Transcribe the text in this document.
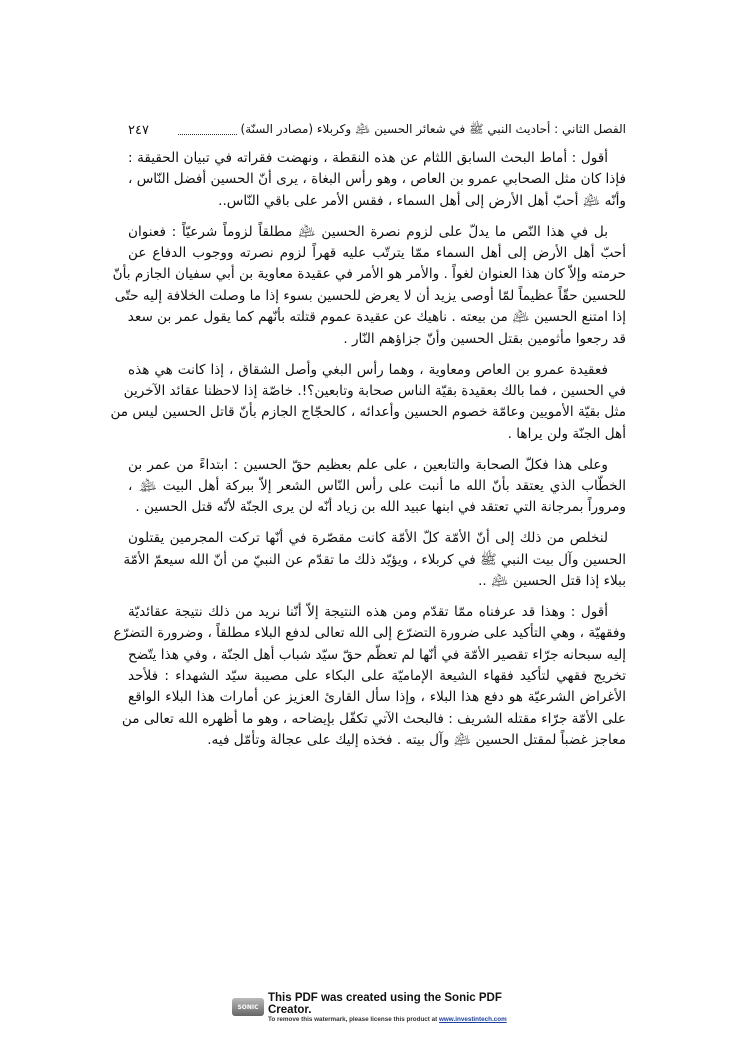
الفصل الثاني : أحاديث النبي ﷺ في شعائر الحسين ﵇ وكربلاء (مصادر السنّة)
٢٤٧
أقول : أماط البحث السابق اللثام عن هذه النقطة ، ونهضت فقراته في تبيان الحقيقة :
فإذا كان مثل الصحابي عمرو بن العاص ، وهو رأس البغاة ، يرى أنّ الحسين أفضل النّاس ،
وأنّه ﵇ أحبّ أهل الأرض إلى أهل السماء ، فقس الأمر على باقي النّاس..
بل في هذا النّص ما يدلّ على لزوم نصرة الحسين ﵇ مطلقاً لزوماً شرعيّاً : فعنوان
أحبّ أهل الأرض إلى أهل السماء ممّا يترتّب عليه قهراً لزوم نصرته ووجوب الدفاع عن
حرمته وإلاّ كان هذا العنوان لغواً . والأمر هو الأمر في عقيدة معاوية بن أبي سفيان الجازم بأنّ
للحسين حقّاً عظيماً لمّا أوصى يزيد أن لا يعرض للحسين بسوء إذا ما وصلت الخلافة إليه حتّى
إذا امتنع الحسين ﵇ من بيعته . ناهيك عن عقيدة عموم قتلته بأنّهم كما يقول عمر بن سعد
قد رجعوا مأثومين بقتل الحسين وأنّ جزاؤهم النّار .
فعقيدة عمرو بن العاص ومعاوية ، وهما رأس البغي وأصل الشقاق ، إذا كانت هي هذه
في الحسين ، فما بالك بعقيدة بقيّة الناس صحابة وتابعين؟!. خاصّة إذا لاحظنا عقائد الآخرين
مثل بقيّة الأمويين وعامّة خصوم الحسين وأعدائه ، كالحجّاج الجازم بأنّ قاتل الحسين ليس من
أهل الجنّة ولن يراها .
وعلى هذا فكلّ الصحابة والتابعين ، على علم بعظيم حقّ الحسين : ابتداءً من عمر بن
الخطّاب الذي يعتقد بأنّ الله ما أنبت على رأس النّاس الشعر إلاّ ببركة أهل البيت ﵈ ،
ومروراً بمرجانة التي تعتقد في ابنها عبيد الله بن زياد أنّه لن يرى الجنّة لأنّه قتل الحسين .
لنخلص من ذلك إلى أنّ الأمّة كلّ الأمّة كانت مقصّرة في أنّها تركت المجرمين يقتلون
الحسين وآل بيت النبي ﷺ في كربلاء ، ويؤيّد ذلك ما تقدّم عن النبيّ من أنّ الله سيعمّ الأمّة
ببلاء إذا قتل الحسين ﵇ ..
أقول : وهذا قد عرفناه ممّا تقدّم ومن هذه النتيجة إلاّ أنّنا نريد من ذلك نتيجة عقائديّة
وفقهيّة ، وهي التأكيد على ضرورة التضرّع إلى الله تعالى لدفع البلاء مطلقاً ، وضرورة التضرّع
إليه سبحانه جرّاء تقصير الأمّة في أنّها لم تعظّم حقّ سيّد شباب أهل الجنّة ، وفي هذا يتّضح
تخريج فقهي لتأكيد فقهاء الشيعة الإماميّة على البكاء على مصيبة سيّد الشهداء : فلأحد
الأغراض الشرعيّة هو دفع هذا البلاء ، وإذا سأل القارئ العزيز عن أمارات هذا البلاء الواقع
على الأمّة جرّاء مقتله الشريف : فالبحث الآتي تكفّل بإيضاحه ، وهو ما أظهره الله تعالى من
معاجز غضباً لمقتل الحسين ﵇ وآل بيته . فخذه إليك على عجالة وتأمّل فيه.
SONIC
This PDF was created using the Sonic PDF Creator.
To remove this watermark, please license this product at www.investintech.com
